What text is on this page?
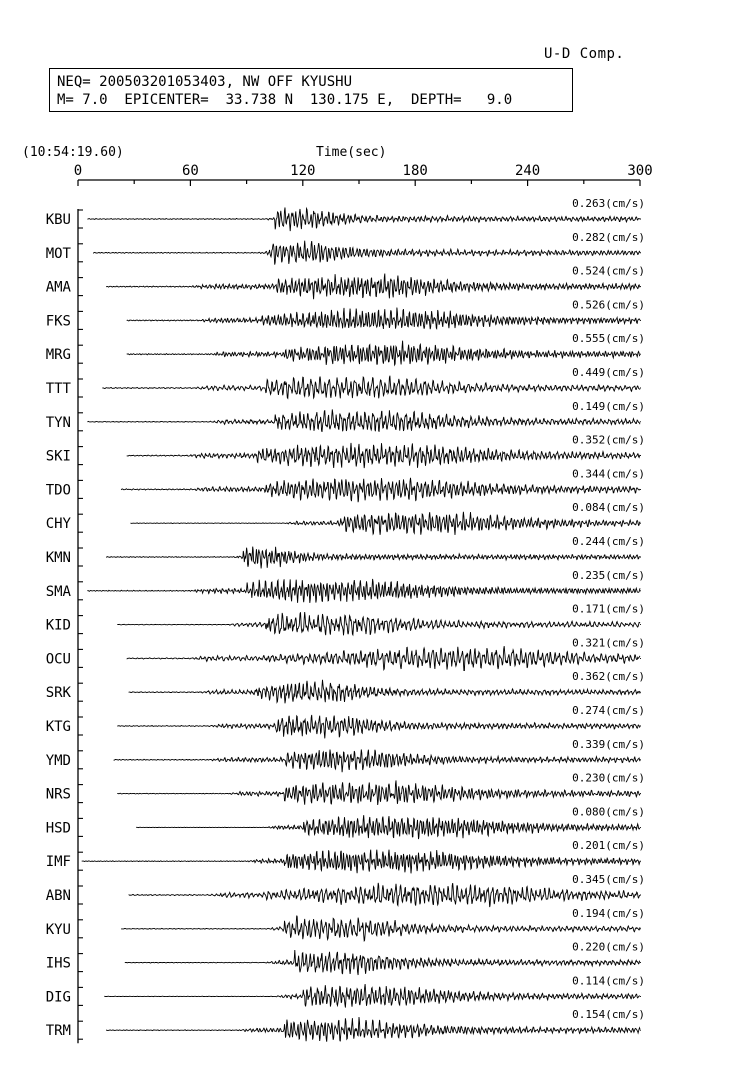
U-D Comp.
NEQ= 200503201053403, NW OFF KYUSHU
M= 7.0  EPICENTER=  33.738 N  130.175 E,  DEPTH=   9.0
(10:54:19.60)	Time(sec)
0	60	120	180	240	300
KBU
0.263(cm/s)
MOT
0.282(cm/s)
AMA
0.524(cm/s)
FKS
0.526(cm/s)
MRG
0.555(cm/s)
TTT
0.449(cm/s)
TYN
0.149(cm/s)
SKI
0.352(cm/s)
TDO
0.344(cm/s)
CHY
0.084(cm/s)
KMN
0.244(cm/s)
SMA
0.235(cm/s)
KID
0.171(cm/s)
OCU
0.321(cm/s)
SRK
0.362(cm/s)
KTG
0.274(cm/s)
YMD
0.339(cm/s)
NRS
0.230(cm/s)
HSD
0.080(cm/s)
IMF
0.201(cm/s)
ABN
0.345(cm/s)
KYU
0.194(cm/s)
IHS
0.220(cm/s)
DIG
0.114(cm/s)
TRM
0.154(cm/s)
